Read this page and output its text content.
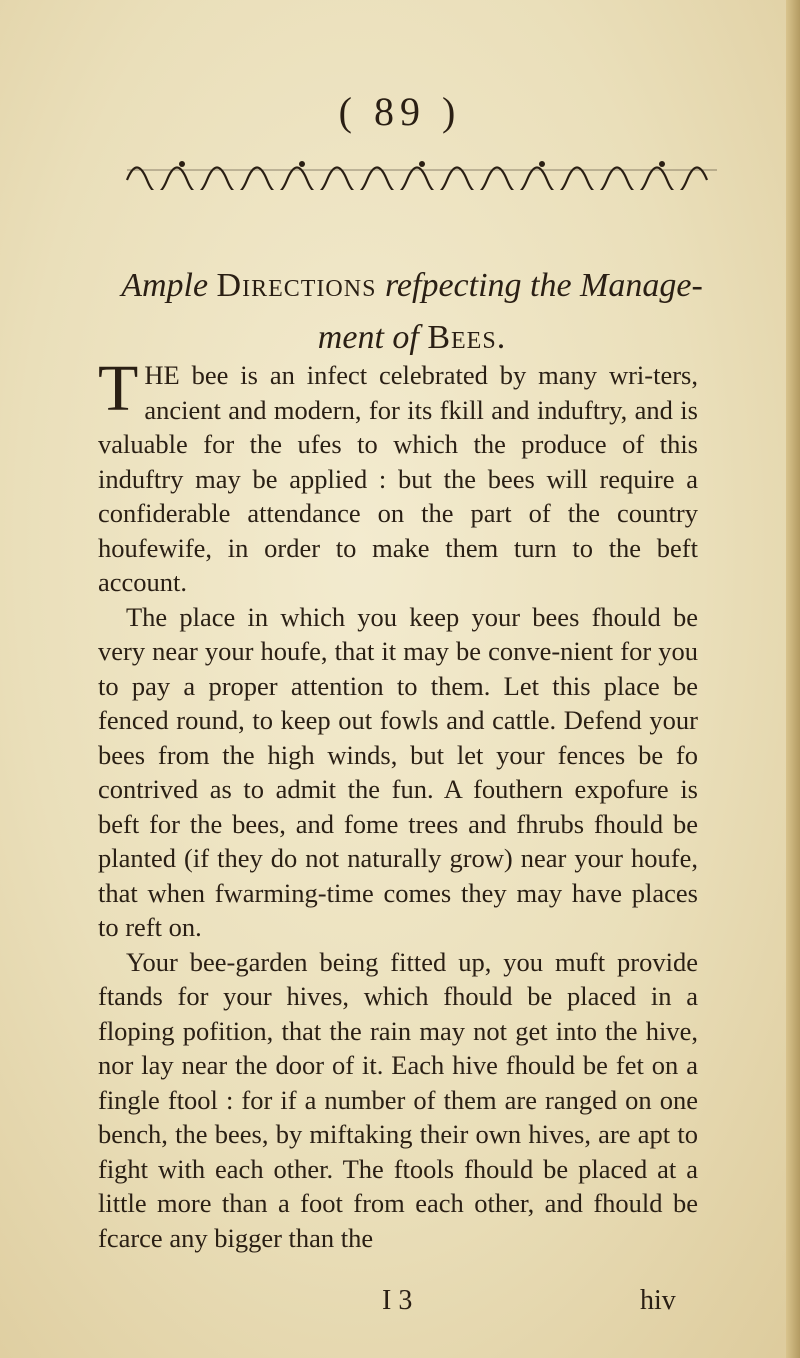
( 89 )
Ample Directions refpecting the Manage-
ment of Bees.

THE bee is an infect celebrated by many wri-ters, ancient and modern, for its fkill and induftry, and is valuable for the ufes to which the produce of this induftry may be applied : but the bees will require a confiderable attendance on the part of the country houfewife, in order to make them turn to the beft account.

The place in which you keep your bees fhould be very near your houfe, that it may be conve-nient for you to pay a proper attention to them. Let this place be fenced round, to keep out fowls and cattle. Defend your bees from the high winds, but let your fences be fo contrived as to admit the fun. A fouthern expofure is beft for the bees, and fome trees and fhrubs fhould be planted (if they do not naturally grow) near your houfe, that when fwarming-time comes they may have places to reft on.

Your bee-garden being fitted up, you muft provide ftands for your hives, which fhould be placed in a floping pofition, that the rain may not get into the hive, nor lay near the door of it. Each hive fhould be fet on a fingle ftool : for if a number of them are ranged on one bench, the bees, by miftaking their own hives, are apt to fight with each other. The ftools fhould be placed at a little more than a foot from each other, and fhould be fcarce any bigger than the

I 3	hiv
